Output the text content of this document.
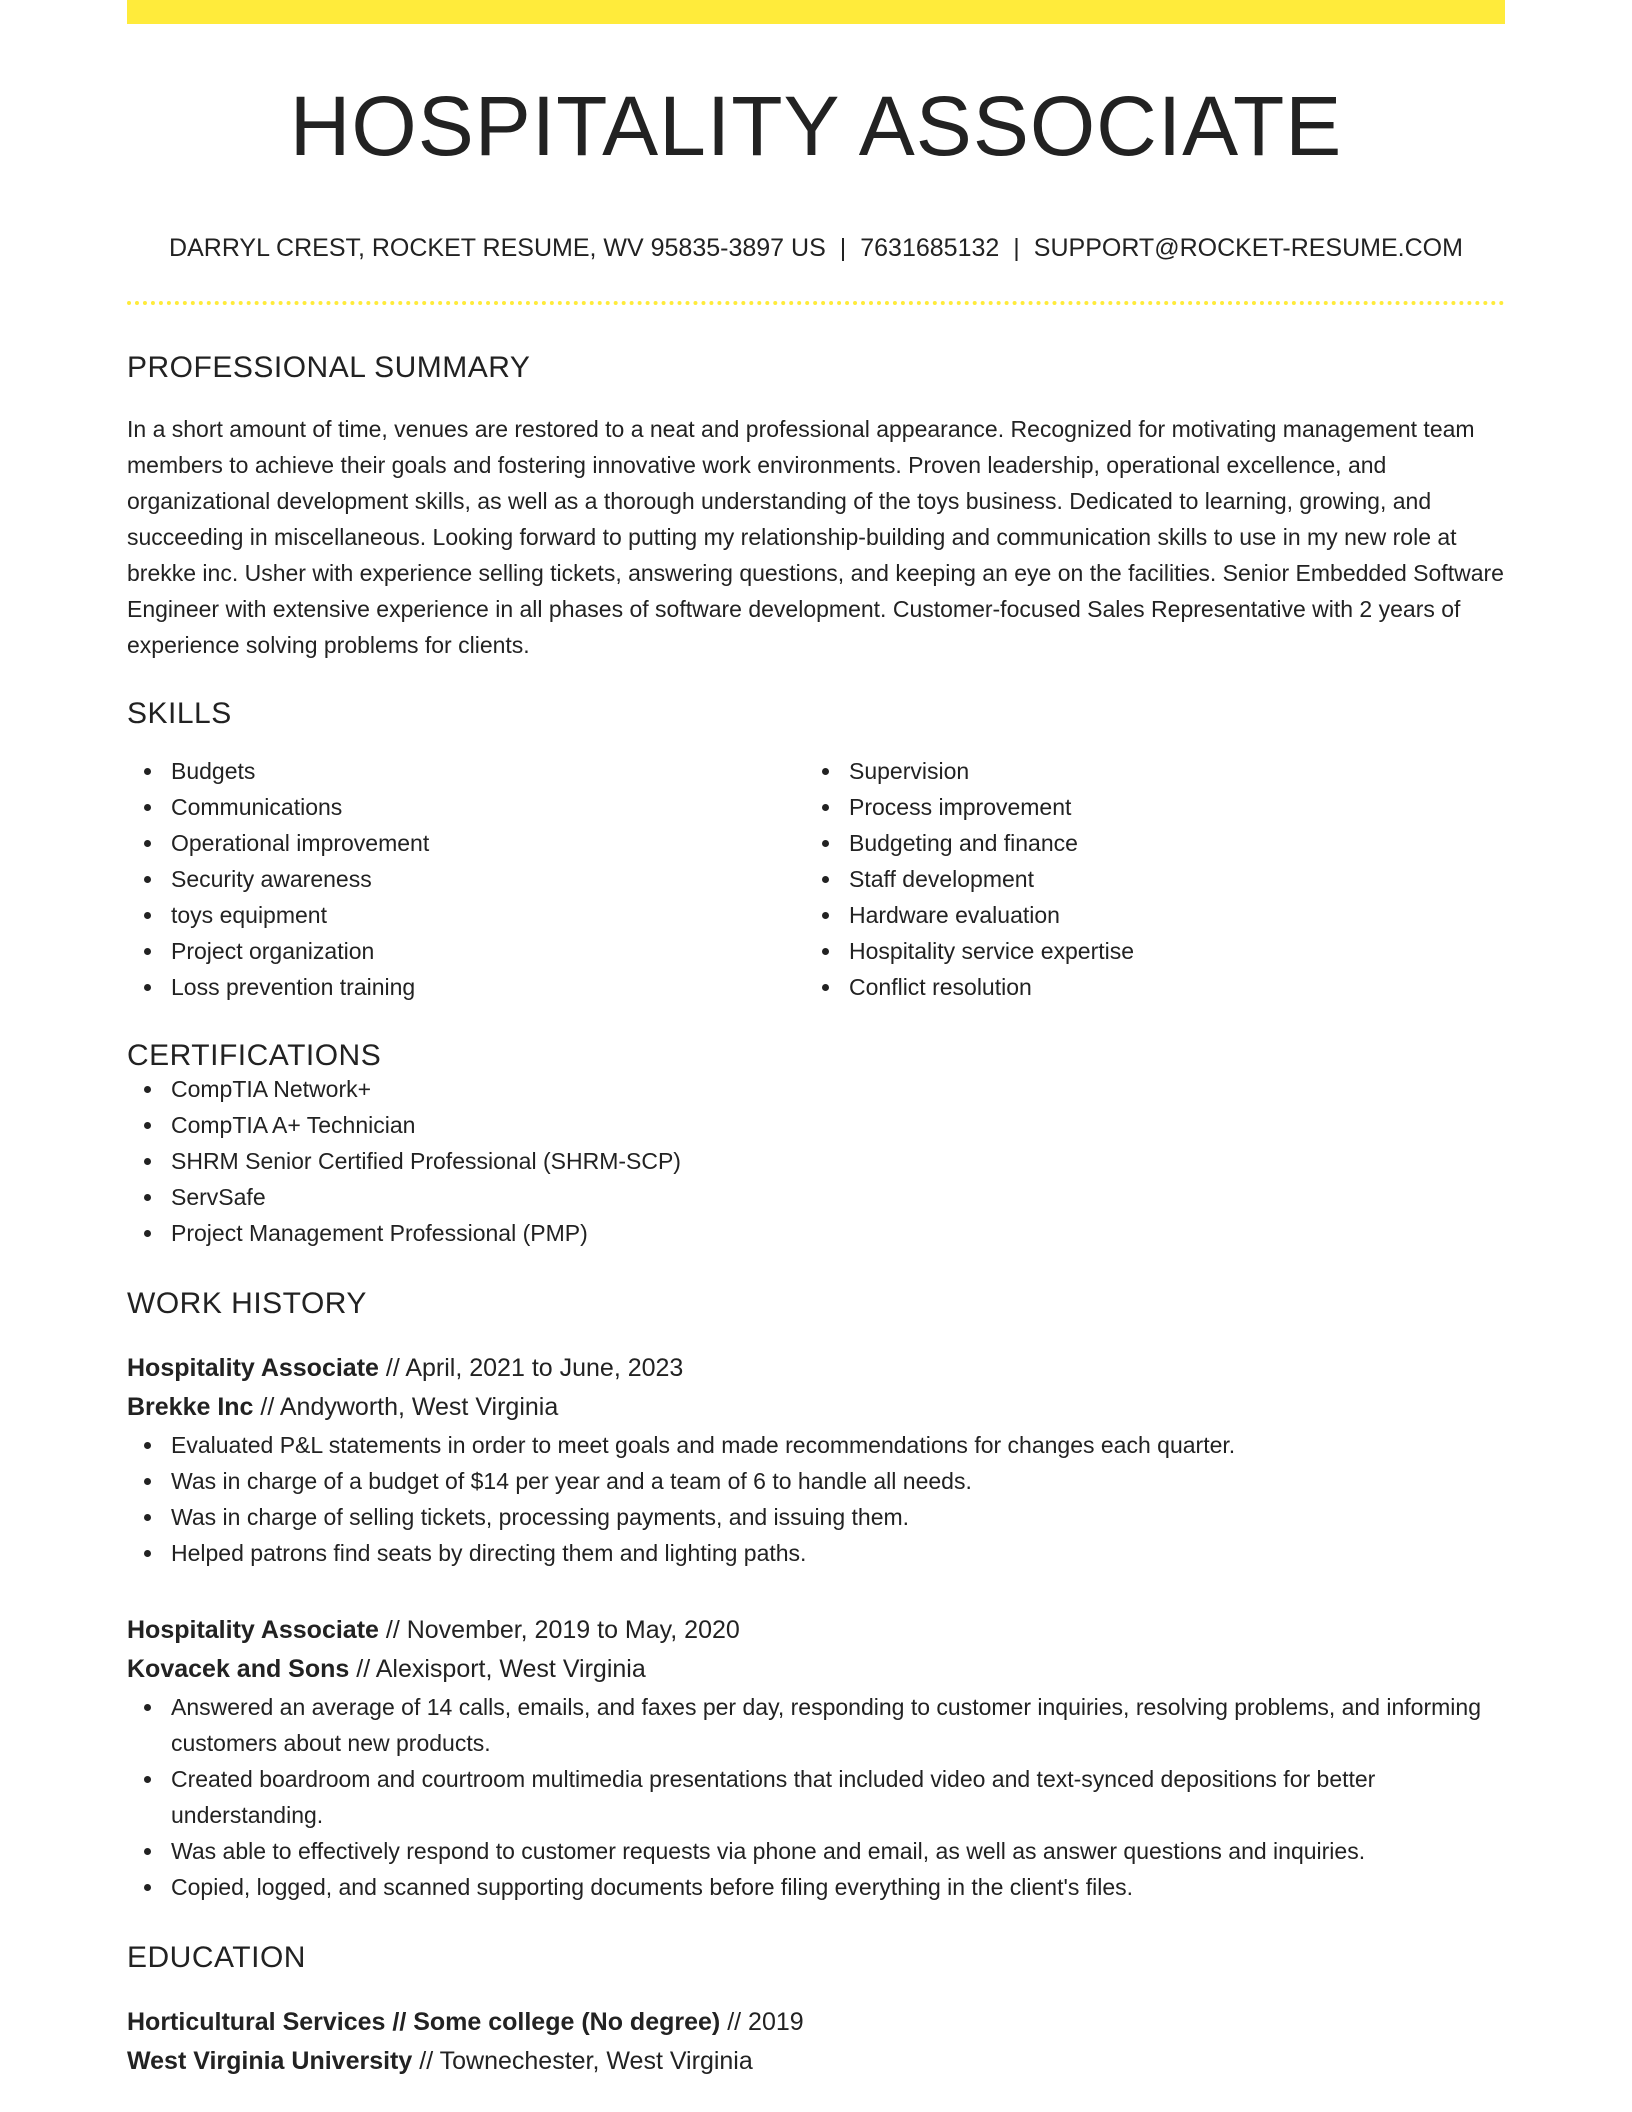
HOSPITALITY ASSOCIATE
DARRYL CREST, ROCKET RESUME, WV 95835-3897 US | 7631685132 | SUPPORT@ROCKET-RESUME.COM
PROFESSIONAL SUMMARY
In a short amount of time, venues are restored to a neat and professional appearance. Recognized for motivating management team members to achieve their goals and fostering innovative work environments. Proven leadership, operational excellence, and organizational development skills, as well as a thorough understanding of the toys business. Dedicated to learning, growing, and succeeding in miscellaneous. Looking forward to putting my relationship-building and communication skills to use in my new role at brekke inc. Usher with experience selling tickets, answering questions, and keeping an eye on the facilities. Senior Embedded Software Engineer with extensive experience in all phases of software development. Customer-focused Sales Representative with 2 years of experience solving problems for clients.
SKILLS
Budgets
Communications
Operational improvement
Security awareness
toys equipment
Project organization
Loss prevention training
Supervision
Process improvement
Budgeting and finance
Staff development
Hardware evaluation
Hospitality service expertise
Conflict resolution
CERTIFICATIONS
CompTIA Network+
CompTIA A+ Technician
SHRM Senior Certified Professional (SHRM-SCP)
ServSafe
Project Management Professional (PMP)
WORK HISTORY
Hospitality Associate // April, 2021 to June, 2023
Brekke Inc // Andyworth, West Virginia
Evaluated P&L statements in order to meet goals and made recommendations for changes each quarter.
Was in charge of a budget of $14 per year and a team of 6 to handle all needs.
Was in charge of selling tickets, processing payments, and issuing them.
Helped patrons find seats by directing them and lighting paths.
Hospitality Associate // November, 2019 to May, 2020
Kovacek and Sons // Alexisport, West Virginia
Answered an average of 14 calls, emails, and faxes per day, responding to customer inquiries, resolving problems, and informing customers about new products.
Created boardroom and courtroom multimedia presentations that included video and text-synced depositions for better understanding.
Was able to effectively respond to customer requests via phone and email, as well as answer questions and inquiries.
Copied, logged, and scanned supporting documents before filing everything in the client's files.
EDUCATION
Horticultural Services // Some college (No degree) // 2019
West Virginia University // Townechester, West Virginia
